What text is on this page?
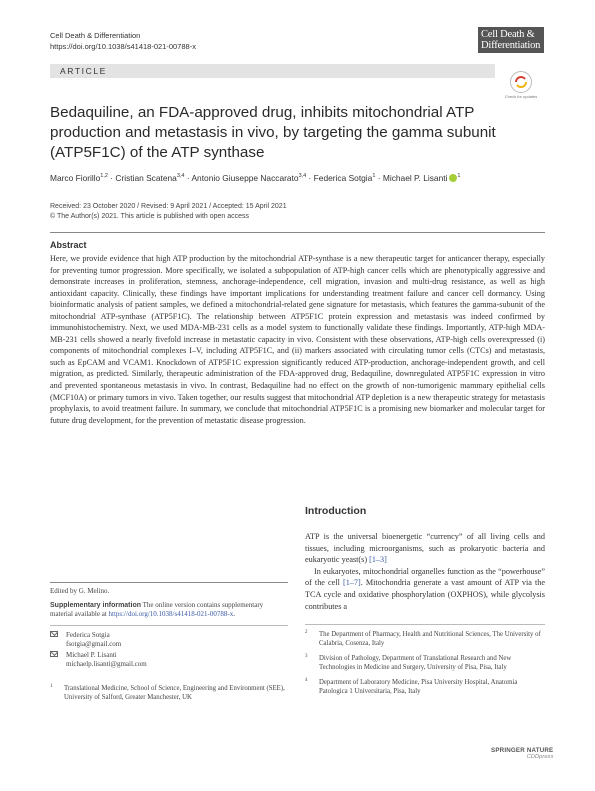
Cell Death & Differentiation
https://doi.org/10.1038/s41418-021-00788-x
Cell Death &
Differentiation
ARTICLE
Check for updates
Bedaquiline, an FDA-approved drug, inhibits mitochondrial ATP production and metastasis in vivo, by targeting the gamma subunit (ATP5F1C) of the ATP synthase
Marco Fiorillo$^{1,2}$ · Cristian Scatena$^{3,4}$ · Antonio Giuseppe Naccarato$^{3,4}$ · Federica Sotgia$^1$ · Michael P. Lisanti $^1$
Received: 23 October 2020 / Revised: 9 April 2021 / Accepted: 15 April 2021
© The Author(s) 2021. This article is published with open access
Abstract
Here, we provide evidence that high ATP production by the mitochondrial ATP-synthase is a new therapeutic target for anticancer therapy, especially for preventing tumor progression. More specifically, we isolated a subpopulation of ATP-high cancer cells which are phenotypically aggressive and demonstrate increases in proliferation, stemness, anchorage-independence, cell migration, invasion and multi-drug resistance, as well as high antioxidant capacity. Clinically, these findings have important implications for understanding treatment failure and cancer cell dormancy. Using bioinformatic analysis of patient samples, we defined a mitochondrial-related gene signature for metastasis, which features the gamma-subunit of the mitochondrial ATP-synthase (ATP5F1C). The relationship between ATP5F1C protein expression and metastasis was indeed confirmed by immunohistochemistry. Next, we used MDA-MB-231 cells as a model system to functionally validate these findings. Importantly, ATP-high MDA-MB-231 cells showed a nearly fivefold increase in metastatic capacity in vivo. Consistent with these observations, ATP-high cells overexpressed (i) components of mitochondrial complexes I–V, including ATP5F1C, and (ii) markers associated with circulating tumor cells (CTCs) and metastasis, such as EpCAM and VCAM1. Knockdown of ATP5F1C expression significantly reduced ATP-production, anchorage-independent growth, and cell migration, as predicted. Similarly, therapeutic administration of the FDA-approved drug, Bedaquiline, downregulated ATP5F1C expression in vitro and prevented spontaneous metastasis in vivo. In contrast, Bedaquiline had no effect on the growth of non-tumorigenic mammary epithelial cells (MCF10A) or primary tumors in vivo. Taken together, our results suggest that mitochondrial ATP depletion is a new therapeutic strategy for metastasis prophylaxis, to avoid treatment failure. In summary, we conclude that mitochondrial ATP5F1C is a promising new biomarker and molecular target for future drug development, for the prevention of metastatic disease progression.
Introduction

ATP is the universal bioenergetic “currency” of all living cells and tissues, including microorganisms, such as prokaryotic bacteria and eukaryotic yeast(s) [1–3]

In eukaryotes, mitochondrial organelles function as the “powerhouse” of the cell [1–7]. Mitochondria generate a vast amount of ATP via the TCA cycle and oxidative phosphorylation (OXPHOS), while glycolysis contributes a

Edited by G. Melino.
Supplementary information The online version contains supplementary material available at https://doi.org/10.1038/s41418-021-00788-x.
Federica Sotgia
fsotgia@gmail.com
Michael P. Lisanti
michaelp.lisanti@gmail.com
1 Translational Medicine, School of Science, Engineering and Environment (SEE), University of Salford, Greater Manchester, UK
2 The Department of Pharmacy, Health and Nutritional Sciences, The University of Calabria, Cosenza, Italy
3 Division of Pathology, Department of Translational Research and New Technologies in Medicine and Surgery, University of Pisa, Pisa, Italy
4 Department of Laboratory Medicine, Pisa University Hospital, Anatomia Patologica 1 Universitaria, Pisa, Italy
SPRINGER NATURE
CDDpress
